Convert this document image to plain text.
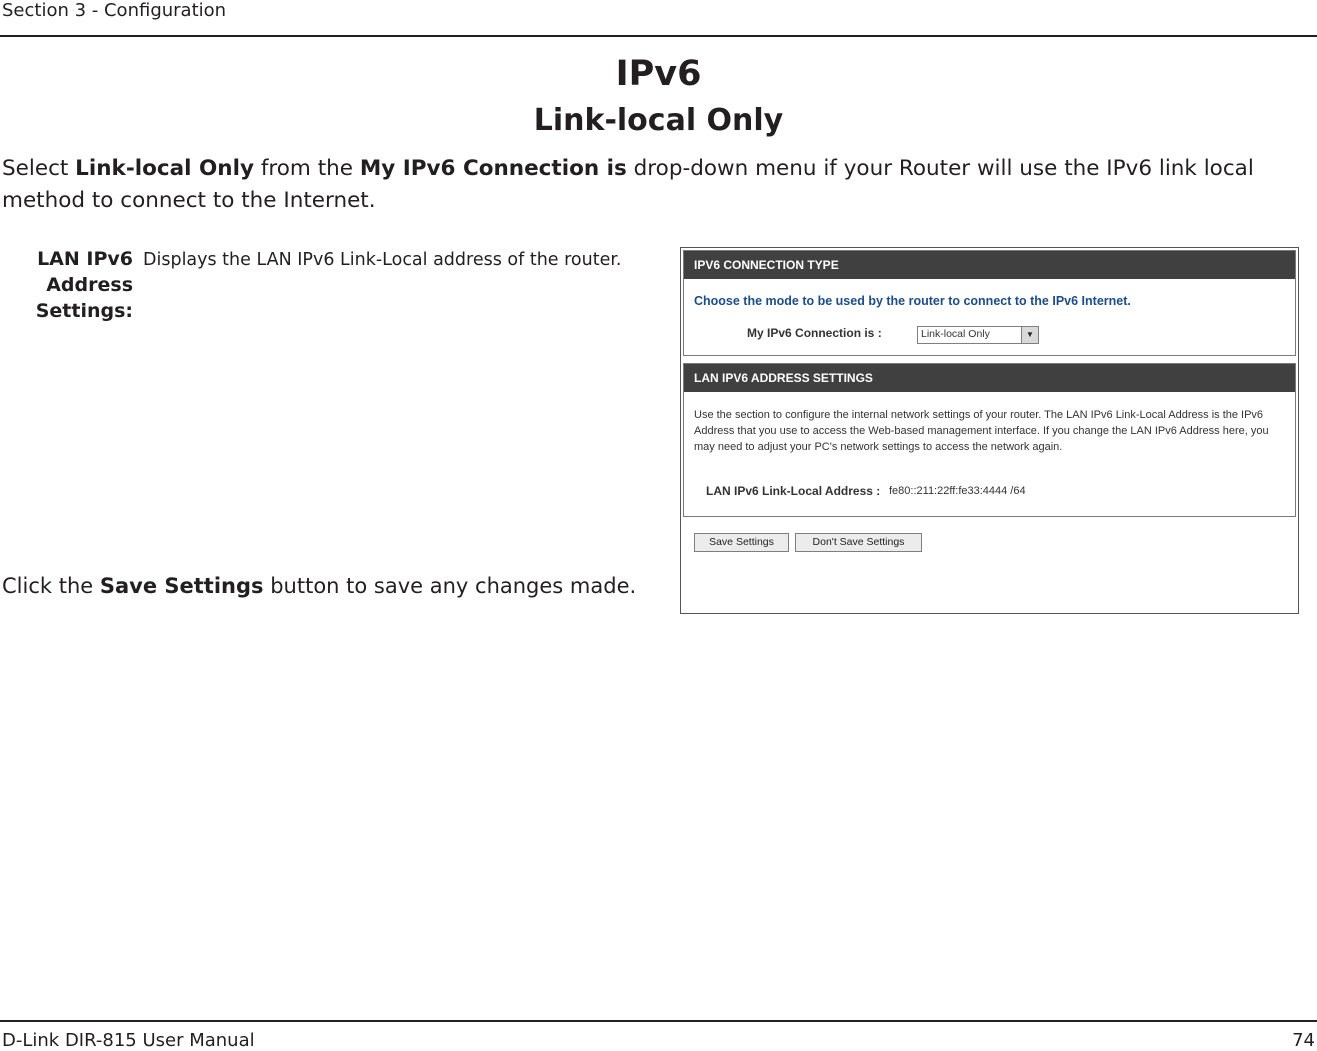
Section 3 - Configuration
IPv6
Link-local Only
Select Link-local Only from the My IPv6 Connection is drop-down menu if your Router will use the IPv6 link local method to connect to the Internet.
LAN IPv6 Address Settings:
Displays the LAN IPv6 Link-Local address of the router.
Click the Save Settings button to save any changes made.
IPV6 CONNECTION TYPE
Choose the mode to be used by the router to connect to the IPv6 Internet.
My IPv6 Connection is :	Link-local Only	▼
LAN IPV6 ADDRESS SETTINGS
Use the section to configure the internal network settings of your router. The LAN IPv6 Link-Local Address is the IPv6 Address that you use to access the Web-based management interface. If you change the LAN IPv6 Address here, you may need to adjust your PC's network settings to access the network again.
LAN IPv6 Link-Local Address : fe80::211:22ff:fe33:4444 /64
Save Settings	Don't Save Settings
D-Link DIR-815 User Manual	74
